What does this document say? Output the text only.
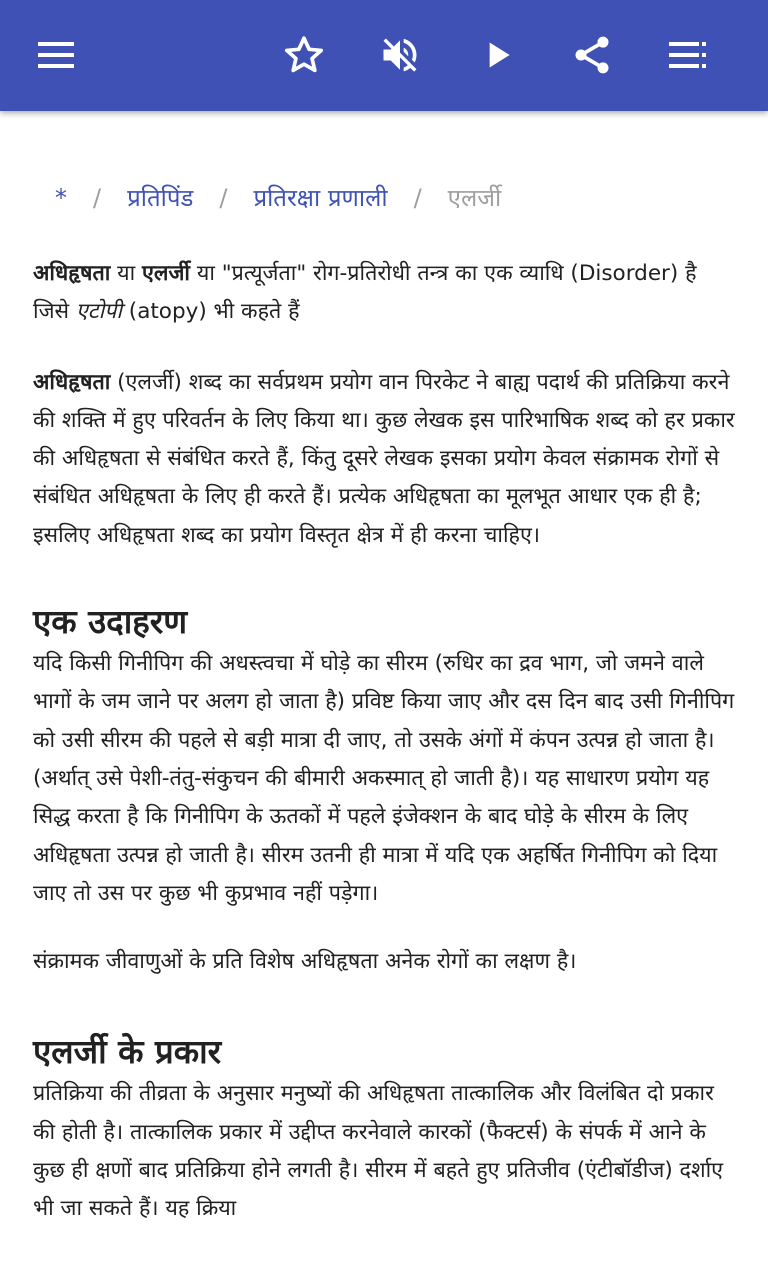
* / प्रतिपिंड / प्रतिरक्षा प्रणाली / एलर्जी

अधिहृषता या एलर्जी या "प्रत्यूर्जता" रोग-प्रतिरोधी तन्त्र का एक व्याधि (Disorder) है जिसे एटोपी (atopy) भी कहते हैं

अधिहृषता (एलर्जी) शब्द का सर्वप्रथम प्रयोग वान पिरकेट ने बाह्य पदार्थ की प्रतिक्रिया करने की शक्ति में हुए परिवर्तन के लिए किया था। कुछ लेखक इस पारिभाषिक शब्द को हर प्रकार की अधिहृषता से संबंधित करते हैं, किंतु दूसरे लेखक इसका प्रयोग केवल संक्रामक रोगों से संबंधित अधिहृषता के लिए ही करते हैं। प्रत्येक अधिहृषता का मूलभूत आधार एक ही है; इसलिए अधिहृषता शब्द का प्रयोग विस्तृत क्षेत्र में ही करना चाहिए।

एक उदाहरण

यदि किसी गिनीपिग की अधस्त्वचा में घोड़े का सीरम (रुधिर का द्रव भाग, जो जमने वाले भागों के जम जाने पर अलग हो जाता है) प्रविष्ट किया जाए और दस दिन बाद उसी गिनीपिग को उसी सीरम की पहले से बड़ी मात्रा दी जाए, तो उसके अंगों में कंपन उत्पन्न हो जाता है। (अर्थात् उसे पेशी-तंतु-संकुचन की बीमारी अकस्मात् हो जाती है)। यह साधारण प्रयोग यह सिद्ध करता है कि गिनीपिग के ऊतकों में पहले इंजेक्शन के बाद घोड़े के सीरम के लिए अधिहृषता उत्पन्न हो जाती है। सीरम उतनी ही मात्रा में यदि एक अहर्षित गिनीपिग को दिया जाए तो उस पर कुछ भी कुप्रभाव नहीं पड़ेगा।

संक्रामक जीवाणुओं के प्रति विशेष अधिहृषता अनेक रोगों का लक्षण है।

एलर्जी के प्रकार

प्रतिक्रिया की तीव्रता के अनुसार मनुष्यों की अधिहृषता तात्कालिक और विलंबित दो प्रकार की होती है। तात्कालिक प्रकार में उद्दीप्त करनेवाले कारकों (फैक्टर्स) के संपर्क में आने के कुछ ही क्षणों बाद प्रतिक्रिया होने लगती है। सीरम में बहते हुए प्रतिजीव (एंटीबॉडीज) दर्शाए भी जा सकते हैं। यह क्रिया
